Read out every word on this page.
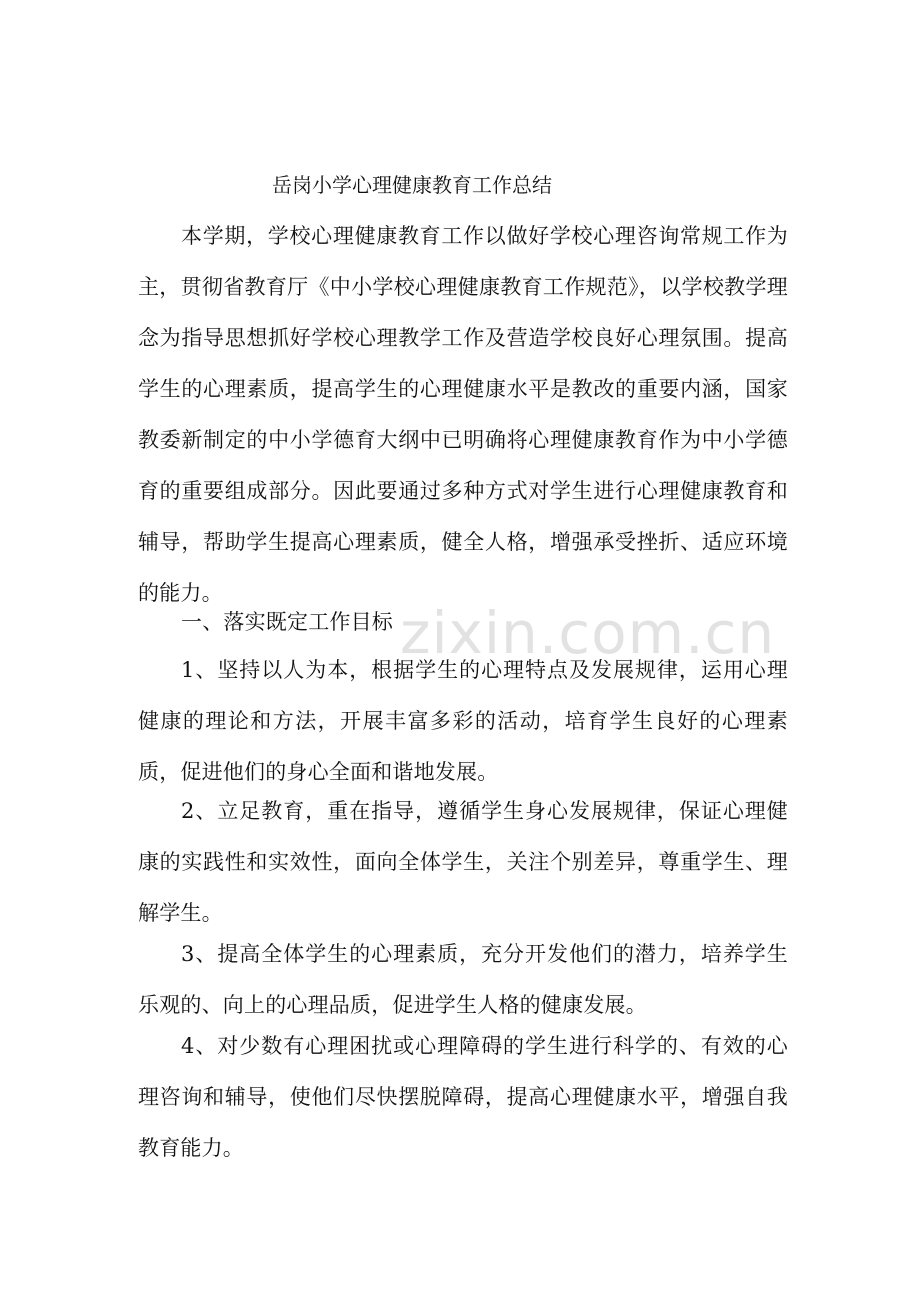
岳岗小学心理健康教育工作总结

本学期，学校心理健康教育工作以做好学校心理咨询常规工作为主，贯彻省教育厅《中小学校心理健康教育工作规范》，以学校教学理念为指导思想抓好学校心理教学工作及营造学校良好心理氛围。提高学生的心理素质，提高学生的心理健康水平是教改的重要内涵，国家教委新制定的中小学德育大纲中已明确将心理健康教育作为中小学德育的重要组成部分。因此要通过多种方式对学生进行心理健康教育和辅导，帮助学生提高心理素质，健全人格，增强承受挫折、适应环境的能力。

一、落实既定工作目标

1、坚持以人为本，根据学生的心理特点及发展规律，运用心理健康的理论和方法，开展丰富多彩的活动，培育学生良好的心理素质，促进他们的身心全面和谐地发展。

2、立足教育，重在指导，遵循学生身心发展规律，保证心理健康的实践性和实效性，面向全体学生，关注个别差异，尊重学生、理解学生。

3、提高全体学生的心理素质，充分开发他们的潜力，培养学生乐观的、向上的心理品质，促进学生人格的健康发展。

4、对少数有心理困扰或心理障碍的学生进行科学的、有效的心理咨询和辅导，使他们尽快摆脱障碍，提高心理健康水平，增强自我教育能力。

zixin.com.cn
